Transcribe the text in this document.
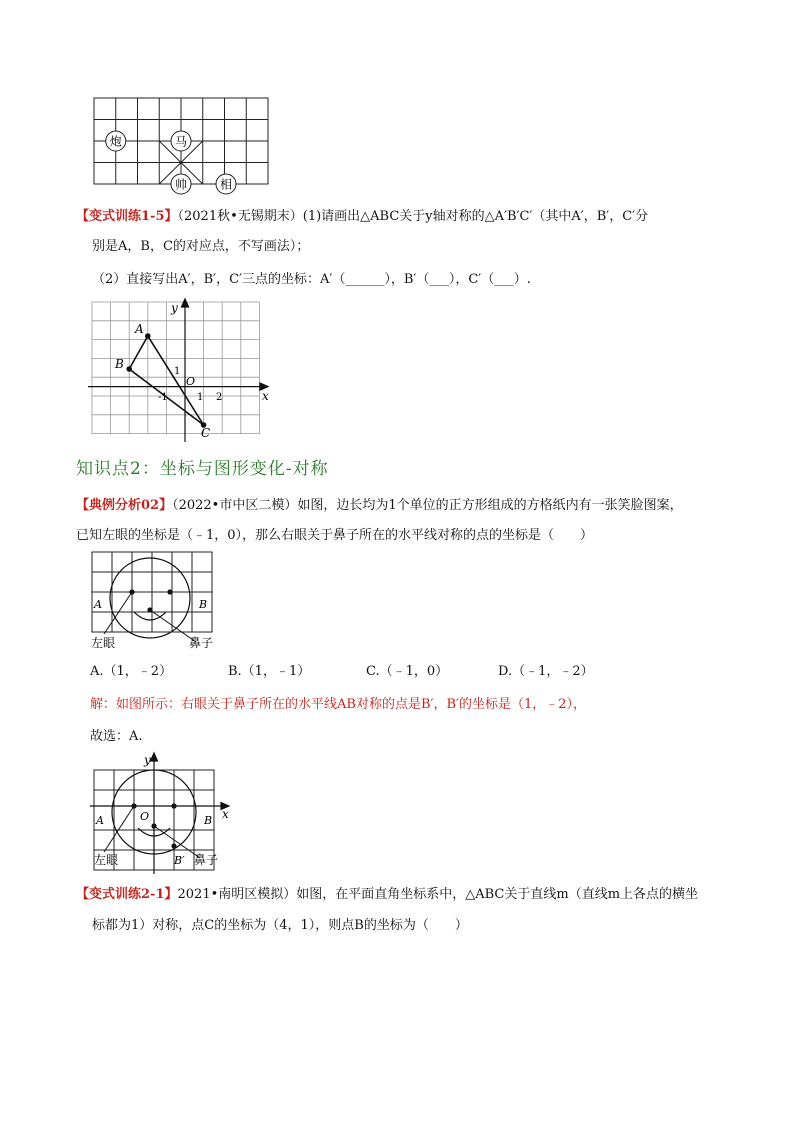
炮	马
帅	相
【变式训练1-5】（2021秋•无锡期末）(1)请画出△ABC关于y轴对称的△A′B′C′（其中A′，B′，C′分
别是A，B，C的对应点，不写画法）；
（2）直接写出A′，B′，C′三点的坐标：A′（______），B′（___），C′（___）.
A
B
C
O
x
y
1
-1	1 2
知识点2：坐标与图形变化-对称
【典例分析02】（2022•市中区二模）如图，边长均为1个单位的正方形组成的方格纸内有一张笑脸图案，
已知左眼的坐标是（﹣1，0），那么右眼关于鼻子所在的水平线对称的点的坐标是（　　）
A	B
左眼	鼻子
A.（1，﹣2）	B.（1，﹣1）	C.（﹣1，0）	D.（﹣1，﹣2）
解：如图所示：右眼关于鼻子所在的水平线AB对称的点是B′，B′的坐标是（1，﹣2），
故选：A.
A	B
O	x
y
左眼	B′ 鼻子
【变式训练2-1】2021•南明区模拟）如图，在平面直角坐标系中，△ABC关于直线m（直线m上各点的横坐
标都为1）对称，点C的坐标为（4，1），则点B的坐标为（　　）
